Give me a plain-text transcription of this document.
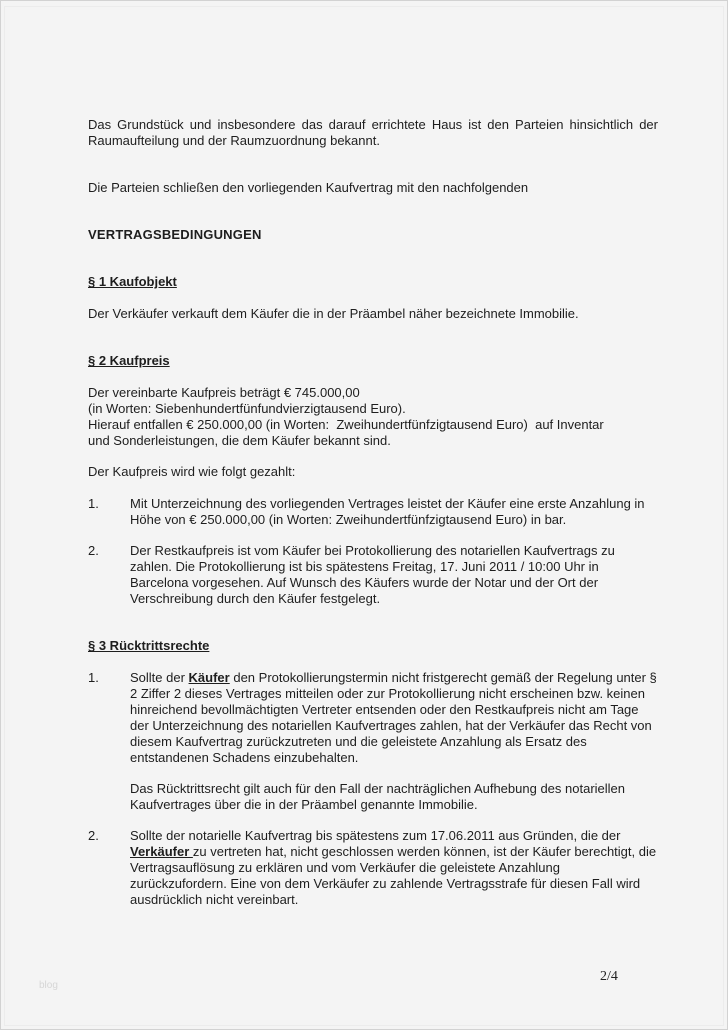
Das Grundstück und insbesondere das darauf errichtete Haus ist den Parteien hinsichtlich der Raumaufteilung und der Raumzuordnung bekannt.

Die Parteien schließen den vorliegenden Kaufvertrag mit den nachfolgenden

VERTRAGSBEDINGUNGEN

§ 1 Kaufobjekt

Der Verkäufer verkauft dem Käufer die in der Präambel näher bezeichnete Immobilie.

§ 2 Kaufpreis

Der vereinbarte Kaufpreis beträgt € 745.000,00

(in Worten: Siebenhundertfünfundvierzigtausend Euro).

Hierauf entfallen € 250.000,00 (in Worten:  Zweihundertfünfzigtausend Euro)  auf Inventar

und Sonderleistungen, die dem Käufer bekannt sind.

Der Kaufpreis wird wie folgt gezahlt:

1.	Mit Unterzeichnung des vorliegenden Vertrages leistet der Käufer eine erste Anzahlung in Höhe von € 250.000,00 (in Worten: Zweihundertfünfzigtausend Euro) in bar.
2.	Der Restkaufpreis ist vom Käufer bei Protokollierung des notariellen Kaufvertrags zu zahlen. Die Protokollierung ist bis spätestens Freitag, 17. Juni 2011 / 10:00 Uhr in Barcelona vorgesehen. Auf Wunsch des Käufers wurde der Notar und der Ort der Verschreibung durch den Käufer festgelegt.

§ 3 Rücktrittsrechte

1.	Sollte der Käufer den Protokollierungstermin nicht fristgerecht gemäß der Regelung unter § 2 Ziffer 2 dieses Vertrages mitteilen oder zur Protokollierung nicht erscheinen bzw. keinen hinreichend bevollmächtigten Vertreter entsenden oder den Restkaufpreis nicht am Tage der Unterzeichnung des notariellen Kaufvertrages zahlen, hat der Verkäufer das Recht von diesem Kaufvertrag zurückzutreten und die geleistete Anzahlung als Ersatz des entstandenen Schadens einzubehalten.

Das Rücktrittsrecht gilt auch für den Fall der nachträglichen Aufhebung des notariellen Kaufvertrages über die in der Präambel genannte Immobilie.

2.	Sollte der notarielle Kaufvertrag bis spätestens zum 17.06.2011 aus Gründen, die der Verkäufer zu vertreten hat, nicht geschlossen werden können, ist der Käufer berechtigt, die Vertragsauflösung zu erklären und vom Verkäufer die geleistete Anzahlung zurückzufordern. Eine von dem Verkäufer zu zahlende Vertragsstrafe für diesen Fall wird ausdrücklich nicht vereinbart.

blog
2/4
